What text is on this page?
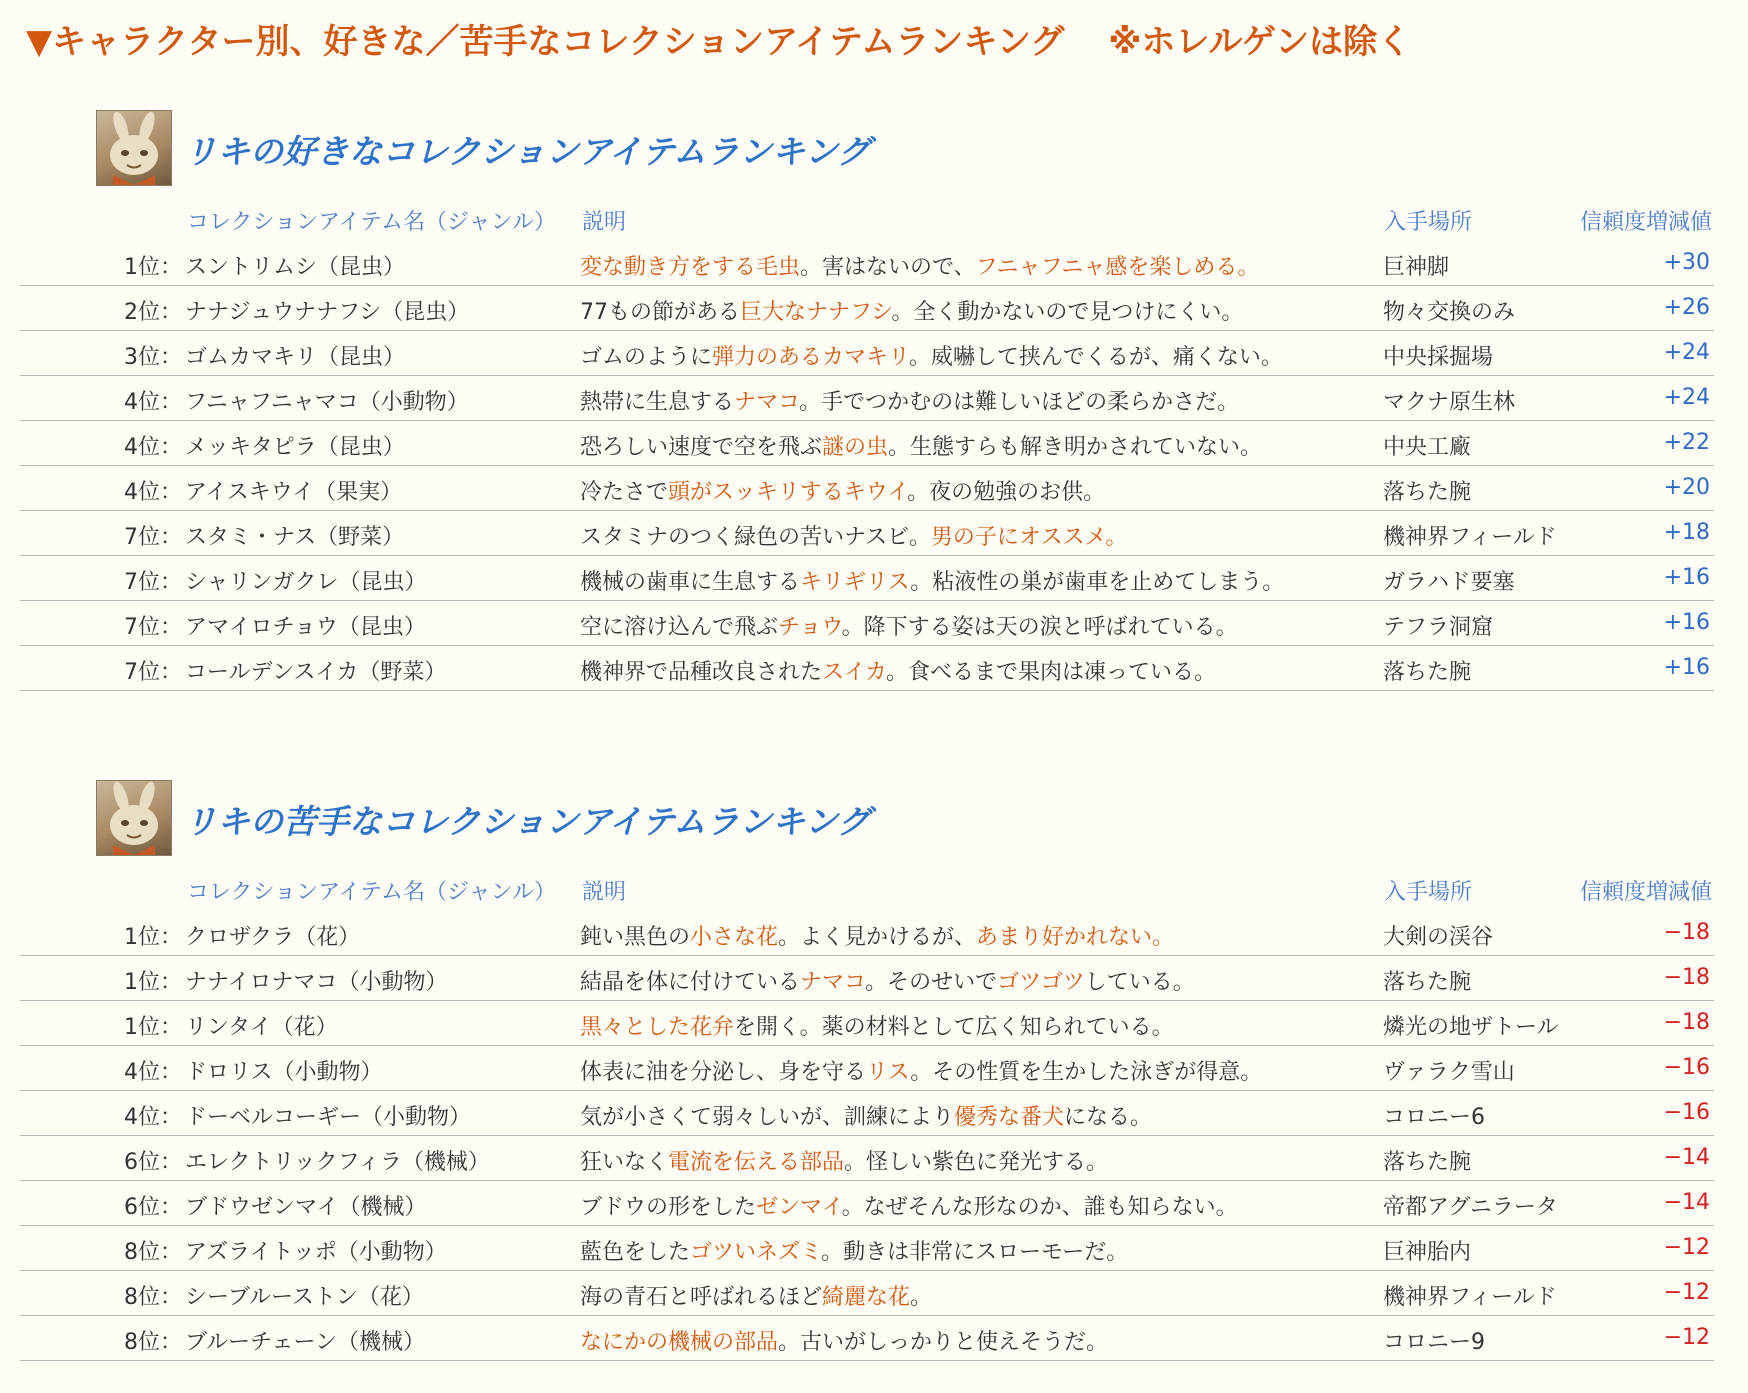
▼キャラクター別、好きな／苦手なコレクションアイテムランキング ※ホレルゲンは除く
リキの好きなコレクションアイテムランキング
コレクションアイテム名（ジャンル） 説明	入手場所	信頼度増減値
1位： スントリムシ（昆虫）	変な動き方をする毛虫。害はないので、フニャフニャ感を楽しめる。	巨神脚	+30
2位： ナナジュウナナフシ（昆虫）	77もの節がある巨大なナナフシ。全く動かないので見つけにくい。	物々交換のみ	+26
3位： ゴムカマキリ（昆虫）	ゴムのように弾力のあるカマキリ。威嚇して挟んでくるが、痛くない。	中央採掘場	+24
4位： フニャフニャマコ（小動物）	熱帯に生息するナマコ。手でつかむのは難しいほどの柔らかさだ。	マクナ原生林	+24
4位： メッキタピラ（昆虫）	恐ろしい速度で空を飛ぶ謎の虫。生態すらも解き明かされていない。	中央工廠	+22
4位： アイスキウイ（果実）	冷たさで頭がスッキリするキウイ。夜の勉強のお供。	落ちた腕	+20
7位： スタミ・ナス（野菜）	スタミナのつく緑色の苦いナスビ。男の子にオススメ。	機神界フィールド	+18
7位： シャリンガクレ（昆虫）	機械の歯車に生息するキリギリス。粘液性の巣が歯車を止めてしまう。	ガラハド要塞	+16
7位： アマイロチョウ（昆虫）	空に溶け込んで飛ぶチョウ。降下する姿は天の涙と呼ばれている。	テフラ洞窟	+16
7位： コールデンスイカ（野菜）	機神界で品種改良されたスイカ。食べるまで果肉は凍っている。	落ちた腕	+16
リキの苦手なコレクションアイテムランキング
コレクションアイテム名（ジャンル） 説明	入手場所	信頼度増減値
1位： クロザクラ（花）	鈍い黒色の小さな花。よく見かけるが、あまり好かれない。	大剣の渓谷	−18
1位： ナナイロナマコ（小動物）	結晶を体に付けているナマコ。そのせいでゴツゴツしている。	落ちた腕	−18
1位： リンタイ（花）	黒々とした花弁を開く。薬の材料として広く知られている。	燐光の地ザトール	−18
4位： ドロリス（小動物）	体表に油を分泌し、身を守るリス。その性質を生かした泳ぎが得意。	ヴァラク雪山	−16
4位： ドーベルコーギー（小動物）	気が小さくて弱々しいが、訓練により優秀な番犬になる。	コロニー6	−16
6位： エレクトリックフィラ（機械）	狂いなく電流を伝える部品。怪しい紫色に発光する。	落ちた腕	−14
6位： ブドウゼンマイ（機械）	ブドウの形をしたゼンマイ。なぜそんな形なのか、誰も知らない。	帝都アグニラータ	−14
8位： アズライトッポ（小動物）	藍色をしたゴツいネズミ。動きは非常にスローモーだ。	巨神胎内	−12
8位： シーブルーストン（花）	海の青石と呼ばれるほど綺麗な花。	機神界フィールド	−12
8位： ブルーチェーン（機械）	なにかの機械の部品。古いがしっかりと使えそうだ。	コロニー9	−12
